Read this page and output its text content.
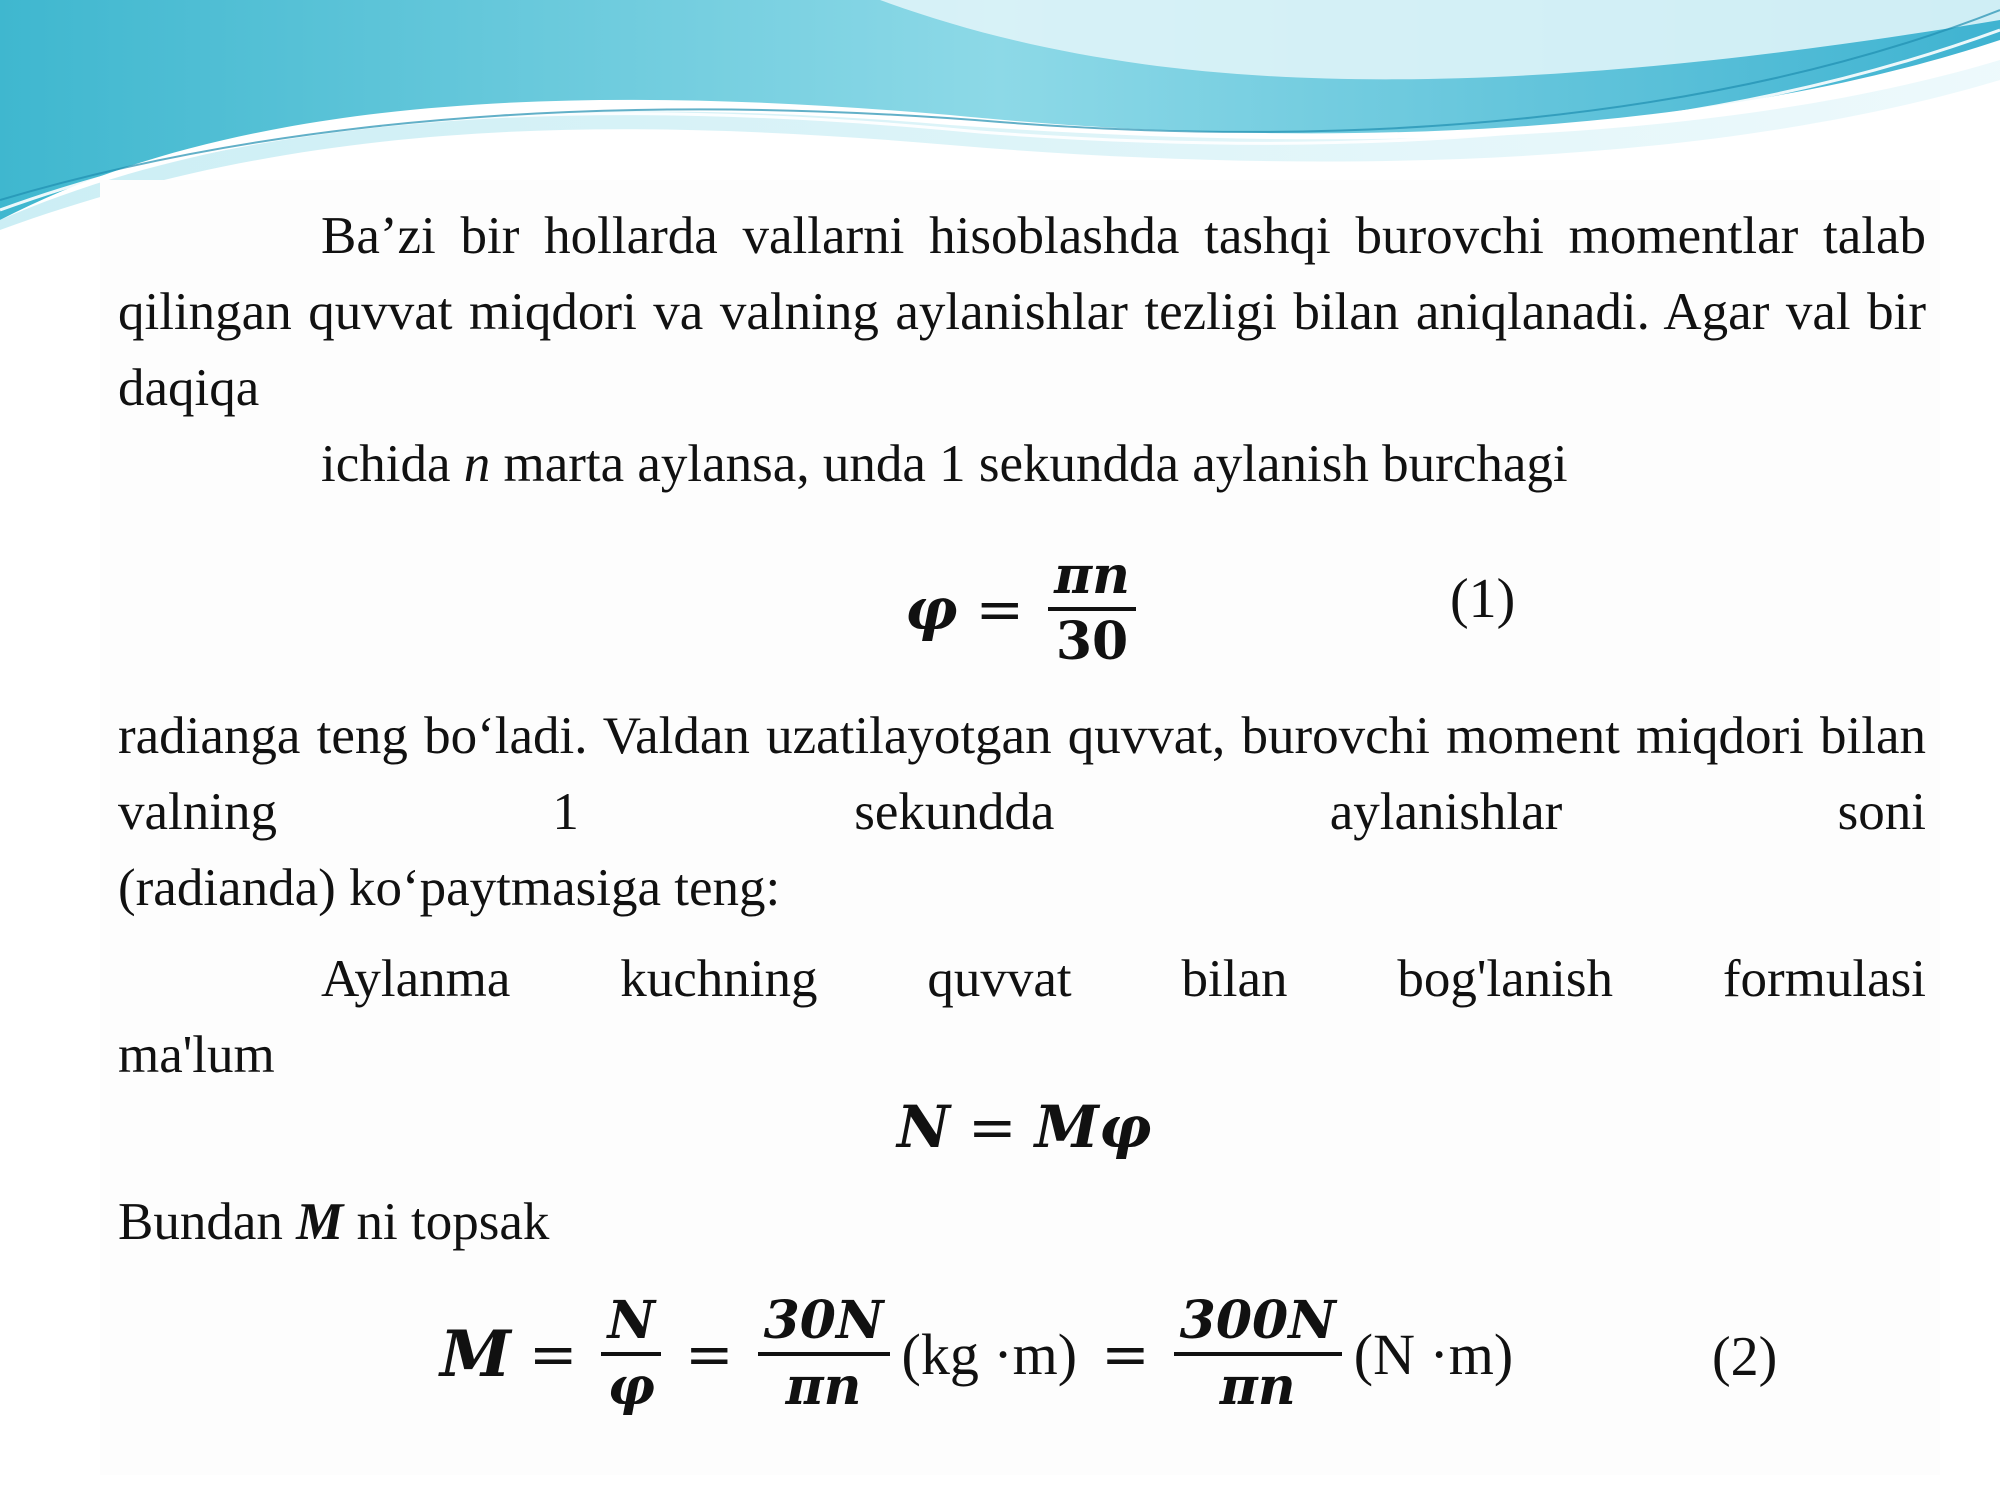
Ba’zi bir hollarda vallarni hisoblashda tashqi burovchi momentlar talab qilingan quvvat miqdori va valning aylanishlar tezligi bilan aniqlanadi. Agar val bir daqiqa
ichida n marta aylansa, unda 1 sekundda aylanish burchagi
$\varphi = \frac{\pi n}{30}$	(1)
radianga teng bo‘ladi. Valdan uzatilayotgan quvvat, burovchi moment miqdori bilan valning 1 sekundda aylanishlar soni
(radianda) ko‘paytmasiga teng:
Aylanma kuchning quvvat bilan bog'lanish formulasi
ma'lum
N = Mφ
Bundan M ni topsak
$M = \frac{N}{\varphi} = \frac{30N}{\pi n} (kg \cdot m) = \frac{300N}{\pi n} (N \cdot m)$	(2)
